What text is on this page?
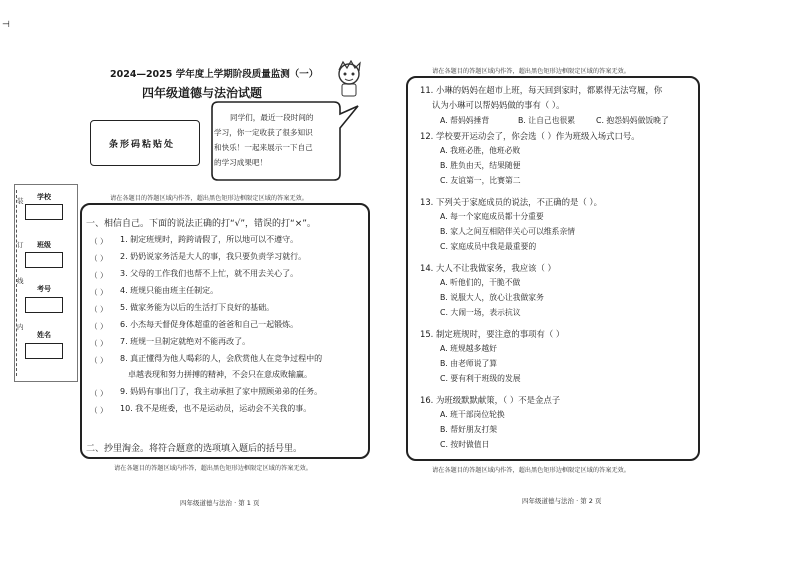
⊣
2024—2025 学年度上学期阶段质量监测（一）
四年级道德与法治试题
条形码粘贴处
同学们，最近一段时间的
学习，你一定收获了很多知识
和快乐！一起来展示一下自己
的学习成果吧！
装
订
线
内
学校
班级
考号
姓名
请在各题目的答题区域内作答，超出黑色矩形边框限定区域的答案无效。
一、相信自己。下面的说法正确的打“√”，错误的打“×”。
（ ） 1. 制定班规时，跨跨请假了，所以地可以不遵守。
（ ） 2. 奶奶说家务活是大人的事，我只要负责学习就行。
（ ） 3. 父母的工作我们也帮不上忙，就不用去关心了。
（ ） 4. 班规只能由班主任制定。
（ ） 5. 做家务能为以后的生活打下良好的基础。
（ ） 6. 小杰每天督促身体超重的爸爸和自己一起锻炼。
（ ） 7. 班规一旦制定就绝对不能再改了。
（ ） 8. 真正懂得为他人喝彩的人，会欣赏他人在竞争过程中的
卓越表现和努力拼搏的精神，不会只在意成败输赢。
（ ） 9. 妈妈有事出门了，我主动承担了家中照顾弟弟的任务。
（ ） 10. 我不是班委，也不是运动员，运动会不关我的事。
二、抄里淘金。将符合题意的选项填入题后的括号里。
请在各题目的答题区域内作答，超出黑色矩形边框限定区域的答案无效。
四年级道德与法治 · 第 1 页
请在各题目的答题区域内作答，超出黑色矩形边框限定区域的答案无效。
11. 小琳的妈妈在超市上班，每天回到家时，都累得无法穹履，你
认为小琳可以帮妈妈做的事有（ ）。
A. 帮妈妈捶背	B. 让自己也很累	C. 抱怨妈妈做饭晚了
12. 学校要开运动会了，你会选（ ）作为班级入场式口号。
A. 我班必胜，他班必败
B. 胜负由天，结果随便
C. 友谊第一，比赛第二
13. 下列关于家庭成员的说法，不正确的是（ ）。
A. 每一个家庭成员都十分重要
B. 家人之间互相陪伴关心可以维系亲情
C. 家庭成员中我是最重要的
14. 大人不让我做家务，我应该（ ）
A. 听他们的，干脆不做
B. 说服大人，放心让我做家务
C. 大闹一场，表示抗议
15. 制定班规时，要注意的事项有（ ）
A. 班规越多越好
B. 由老师说了算
C. 要有利于班级的发展
16. 为班级默默献策，（ ）不是金点子
A. 班干部岗位轮换
B. 帮好朋友打架
C. 按时做值日
请在各题目的答题区域内作答，超出黑色矩形边框限定区域的答案无效。
四年级道德与法治 · 第 2 页
